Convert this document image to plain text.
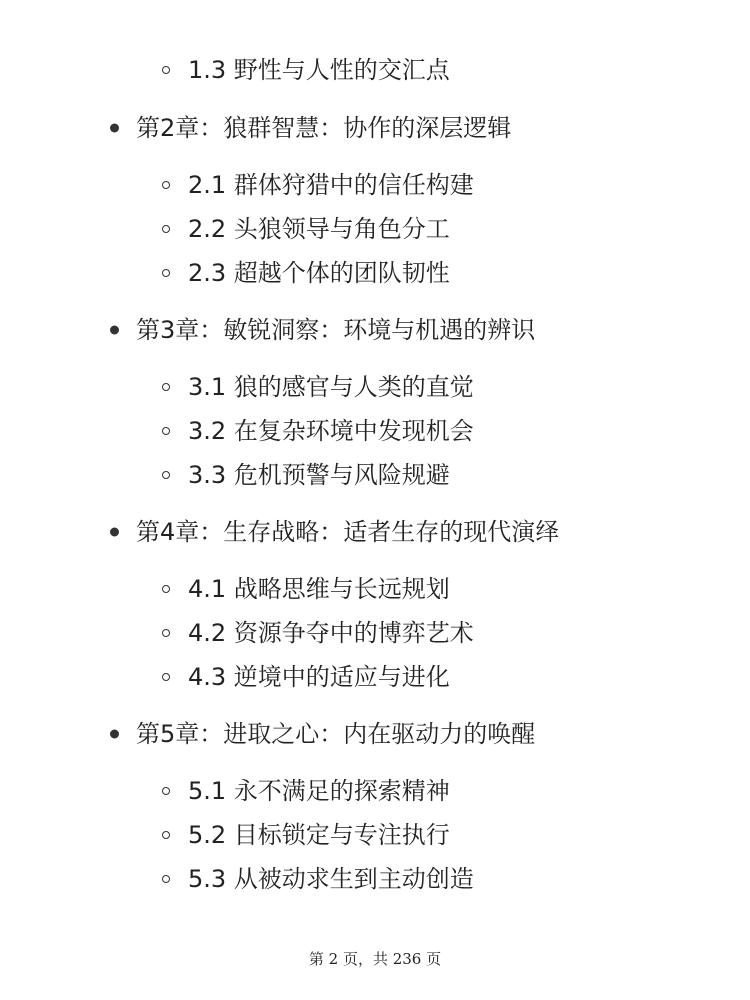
1.3 野性与人性的交汇点
第2章：狼群智慧：协作的深层逻辑
2.1 群体狩猎中的信任构建
2.2 头狼领导与角色分工
2.3 超越个体的团队韧性
第3章：敏锐洞察：环境与机遇的辨识
3.1 狼的感官与人类的直觉
3.2 在复杂环境中发现机会
3.3 危机预警与风险规避
第4章：生存战略：适者生存的现代演绎
4.1 战略思维与长远规划
4.2 资源争夺中的博弈艺术
4.3 逆境中的适应与进化
第5章：进取之心：内在驱动力的唤醒
5.1 永不满足的探索精神
5.2 目标锁定与专注执行
5.3 从被动求生到主动创造
第 2 页，共 236 页
